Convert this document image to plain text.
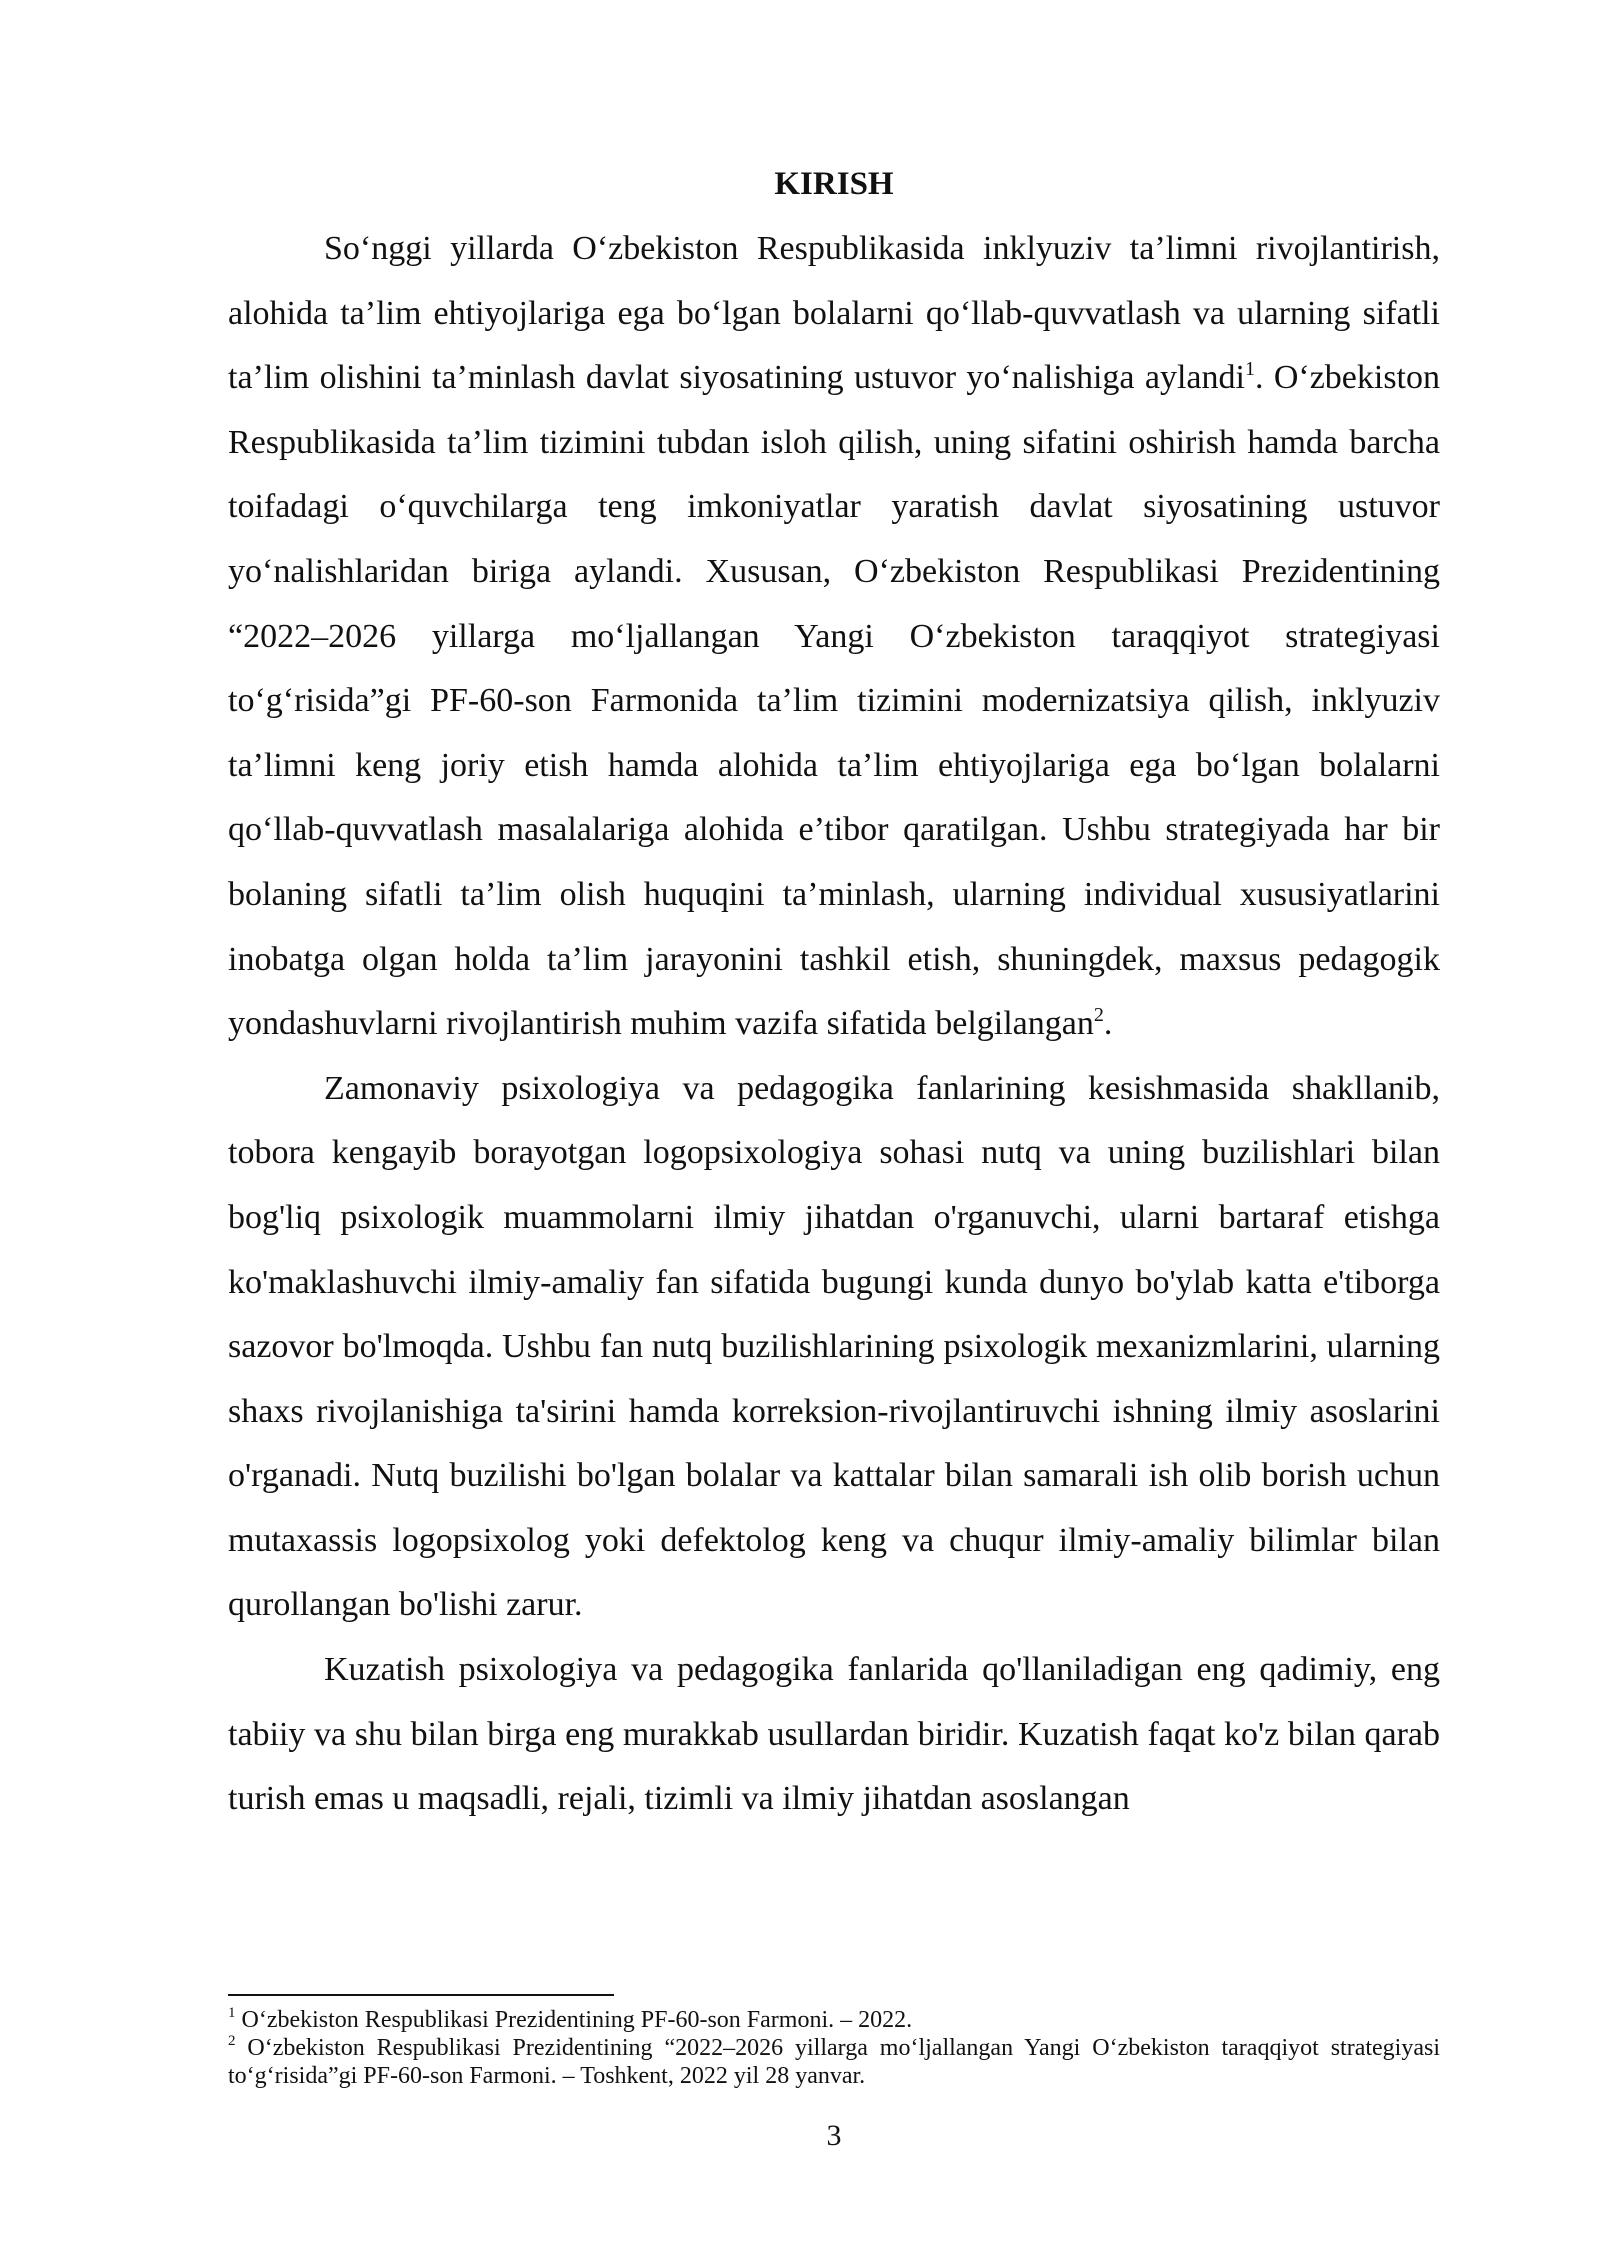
KIRISH

So‘nggi yillarda O‘zbekiston Respublikasida inklyuziv ta’limni rivojlantirish, alohida ta’lim ehtiyojlariga ega bo‘lgan bolalarni qo‘llab-quvvatlash va ularning sifatli ta’lim olishini ta’minlash davlat siyosatining ustuvor yo‘nalishiga aylandi$^1$. O‘zbekiston Respublikasida ta’lim tizimini tubdan isloh qilish, uning sifatini oshirish hamda barcha toifadagi o‘quvchilarga teng imkoniyatlar yaratish davlat siyosatining ustuvor yo‘nalishlaridan biriga aylandi. Xususan, O‘zbekiston Respublikasi Prezidentining “2022–2026 yillarga mo‘ljallangan Yangi O‘zbekiston taraqqiyot strategiyasi to‘g‘risida”gi PF-60-son Farmonida ta’lim tizimini modernizatsiya qilish, inklyuziv ta’limni keng joriy etish hamda alohida ta’lim ehtiyojlariga ega bo‘lgan bolalarni qo‘llab-quvvatlash masalalariga alohida e’tibor qaratilgan. Ushbu strategiyada har bir bolaning sifatli ta’lim olish huquqini ta’minlash, ularning individual xususiyatlarini inobatga olgan holda ta’lim jarayonini tashkil etish, shuningdek, maxsus pedagogik yondashuvlarni rivojlantirish muhim vazifa sifatida belgilangan$^2$.

Zamonaviy psixologiya va pedagogika fanlarining kesishmasida shakllanib, tobora kengayib borayotgan logopsixologiya sohasi nutq va uning buzilishlari bilan bog'liq psixologik muammolarni ilmiy jihatdan o'rganuvchi, ularni bartaraf etishga ko'maklashuvchi ilmiy-amaliy fan sifatida bugungi kunda dunyo bo'ylab katta e'tiborga sazovor bo'lmoqda. Ushbu fan nutq buzilishlarining psixologik mexanizmlarini, ularning shaxs rivojlanishiga ta'sirini hamda korreksion-rivojlantiruvchi ishning ilmiy asoslarini o'rganadi. Nutq buzilishi bo'lgan bolalar va kattalar bilan samarali ish olib borish uchun mutaxassis logopsixolog yoki defektolog keng va chuqur ilmiy-amaliy bilimlar bilan qurollangan bo'lishi zarur.

Kuzatish psixologiya va pedagogika fanlarida qo'llaniladigan eng qadimiy, eng tabiiy va shu bilan birga eng murakkab usullardan biridir. Kuzatish faqat ko'z bilan qarab turish emas u maqsadli, rejali, tizimli va ilmiy jihatdan asoslangan

$^1$ O‘zbekiston Respublikasi Prezidentining PF-60-son Farmoni. – 2022.

$^2$ O‘zbekiston Respublikasi Prezidentining “2022–2026 yillarga mo‘ljallangan Yangi O‘zbekiston taraqqiyot strategiyasi to‘g‘risida”gi PF-60-son Farmoni. – Toshkent, 2022 yil 28 yanvar.

3
